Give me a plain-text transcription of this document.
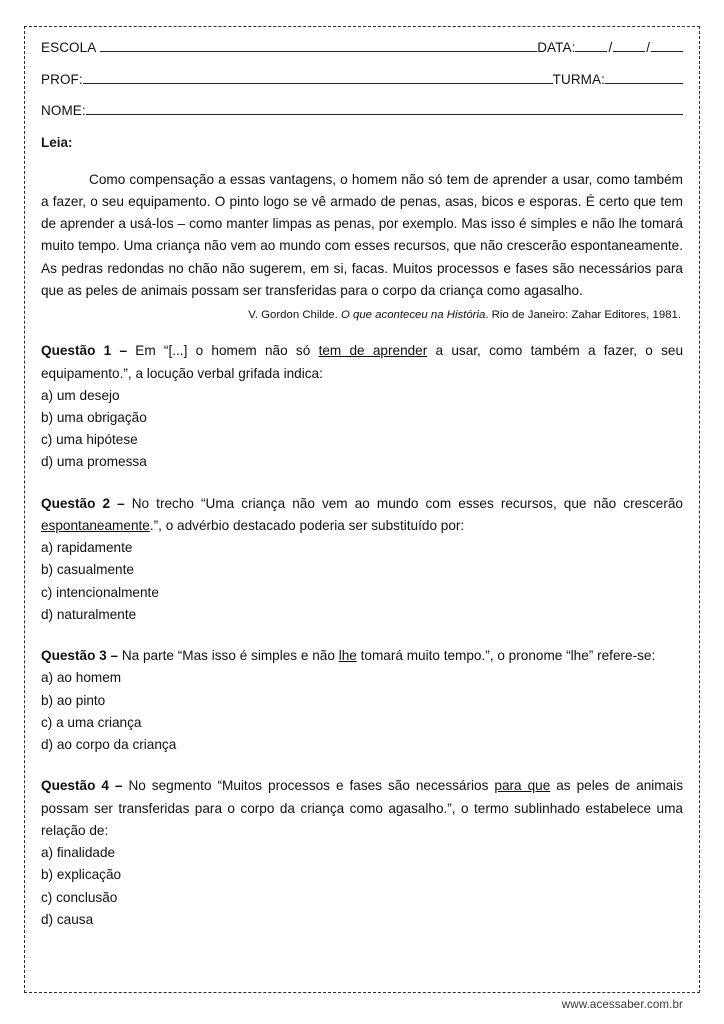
ESCOLA	DATA: /	/
PROF:	TURMA:
NOME:
Leia:
Como compensação a essas vantagens, o homem não só tem de aprender a usar, como também a fazer, o seu equipamento. O pinto logo se vê armado de penas, asas, bicos e esporas. É certo que tem de aprender a usá-los – como manter limpas as penas, por exemplo. Mas isso é simples e não lhe tomará muito tempo. Uma criança não vem ao mundo com esses recursos, que não crescerão espontaneamente. As pedras redondas no chão não sugerem, em si, facas. Muitos processos e fases são necessários para que as peles de animais possam ser transferidas para o corpo da criança como agasalho.
V. Gordon Childe. O que aconteceu na História. Rio de Janeiro: Zahar Editores, 1981.
Questão 1 – Em “[...] o homem não só tem de aprender a usar, como também a fazer, o seu equipamento.”, a locução verbal grifada indica:
a) um desejo
b) uma obrigação
c) uma hipótese
d) uma promessa
Questão 2 – No trecho “Uma criança não vem ao mundo com esses recursos, que não crescerão espontaneamente.”, o advérbio destacado poderia ser substituído por:
a) rapidamente
b) casualmente
c) intencionalmente
d) naturalmente
Questão 3 – Na parte “Mas isso é simples e não lhe tomará muito tempo.”, o pronome “lhe” refere-se:
a) ao homem
b) ao pinto
c) a uma criança
d) ao corpo da criança
Questão 4 – No segmento “Muitos processos e fases são necessários para que as peles de animais possam ser transferidas para o corpo da criança como agasalho.”, o termo sublinhado estabelece uma relação de:
a) finalidade
b) explicação
c) conclusão
d) causa
www.acessaber.com.br
